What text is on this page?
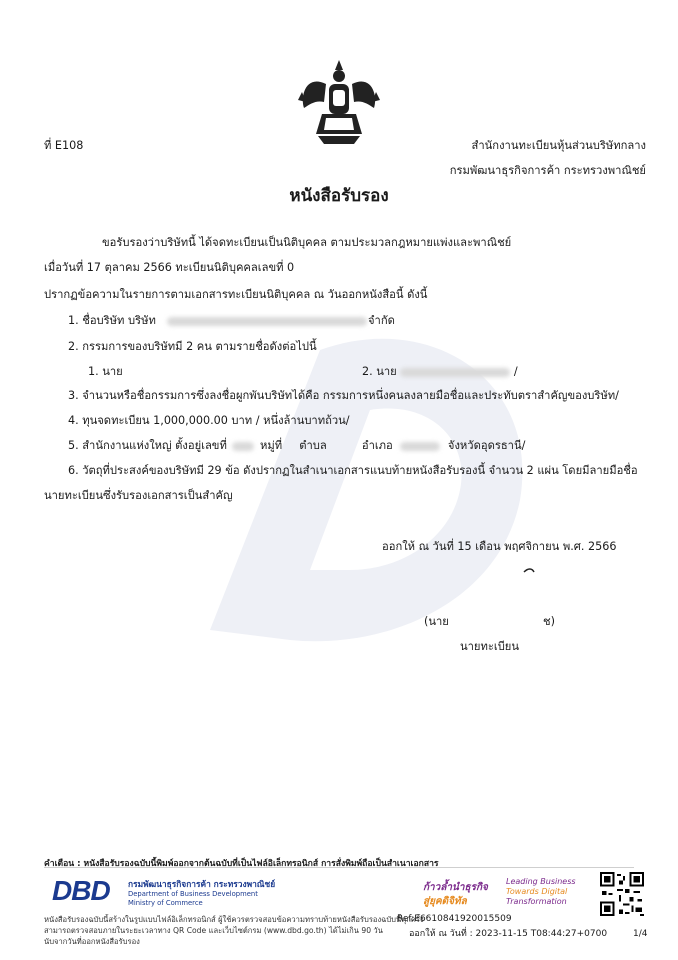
ที่ E108	สำนักงานทะเบียนหุ้นส่วนบริษัทกลาง
กรมพัฒนาธุรกิจการค้า กระทรวงพาณิชย์
หนังสือรับรอง
ขอรับรองว่าบริษัทนี้ ได้จดทะเบียนเป็นนิติบุคคล ตามประมวลกฎหมายแพ่งและพาณิชย์
เมื่อวันที่ 17 ตุลาคม 2566 ทะเบียนนิติบุคคลเลขที่ 0
ปรากฏข้อความในรายการตามเอกสารทะเบียนนิติบุคคล ณ วันออกหนังสือนี้ ดังนี้
1. ชื่อบริษัท บริษัท	จำกัด
2. กรรมการของบริษัทมี 2 คน ตามรายชื่อดังต่อไปนี้
1. นาย	2. นาย	/
3. จำนวนหรือชื่อกรรมการซึ่งลงชื่อผูกพันบริษัทได้คือ กรรมการหนึ่งคนลงลายมือชื่อและประทับตราสำคัญของบริษัท/
4. ทุนจดทะเบียน 1,000,000.00 บาท / หนึ่งล้านบาทถ้วน/
5. สำนักงานแห่งใหญ่ ตั้งอยู่เลขที่	หมู่ที่ ตำบล	อำเภอ	จังหวัดอุดรธานี/
6. วัตถุที่ประสงค์ของบริษัทมี 29 ข้อ ดังปรากฏในสำเนาเอกสารแนบท้ายหนังสือรับรองนี้ จำนวน 2 แผ่น โดยมีลายมือชื่อ
นายทะเบียนซึ่งรับรองเอกสารเป็นสำคัญ
ออกให้ ณ วันที่ 15 เดือน พฤศจิกายน พ.ศ. 2566
(นาย	ช)
นายทะเบียน
คำเตือน : หนังสือรับรองฉบับนี้พิมพ์ออกจากต้นฉบับที่เป็นไฟล์อิเล็กทรอนิกส์ การสั่งพิมพ์ถือเป็นสำเนาเอกสาร
DBD	กรมพัฒนาธุรกิจการค้า กระทรวงพาณิชย์
Department of Business Development
Ministry of Commerce
ก้าวล้ำนำธุรกิจ
สู่ยุคดิจิทัล
Leading Business
Towards Digital
Transformation
หนังสือรับรองฉบับนี้สร้างในรูปแบบไฟล์อิเล็กทรอนิกส์ ผู้ใช้ควรตรวจสอบข้อความทราบท้ายหนังสือรับรองฉบับนี้ทุกครั้ง
สามารถตรวจสอบภายในระยะเวลาทาง QR Code และเว็บไซต์กรม (www.dbd.go.th) ได้ไม่เกิน 90 วัน
นับจากวันที่ออกหนังสือรับรอง
Ref:E6610841920015509
ออกให้ ณ วันที่ : 2023-11-15 T08:44:27+0700	1/4
